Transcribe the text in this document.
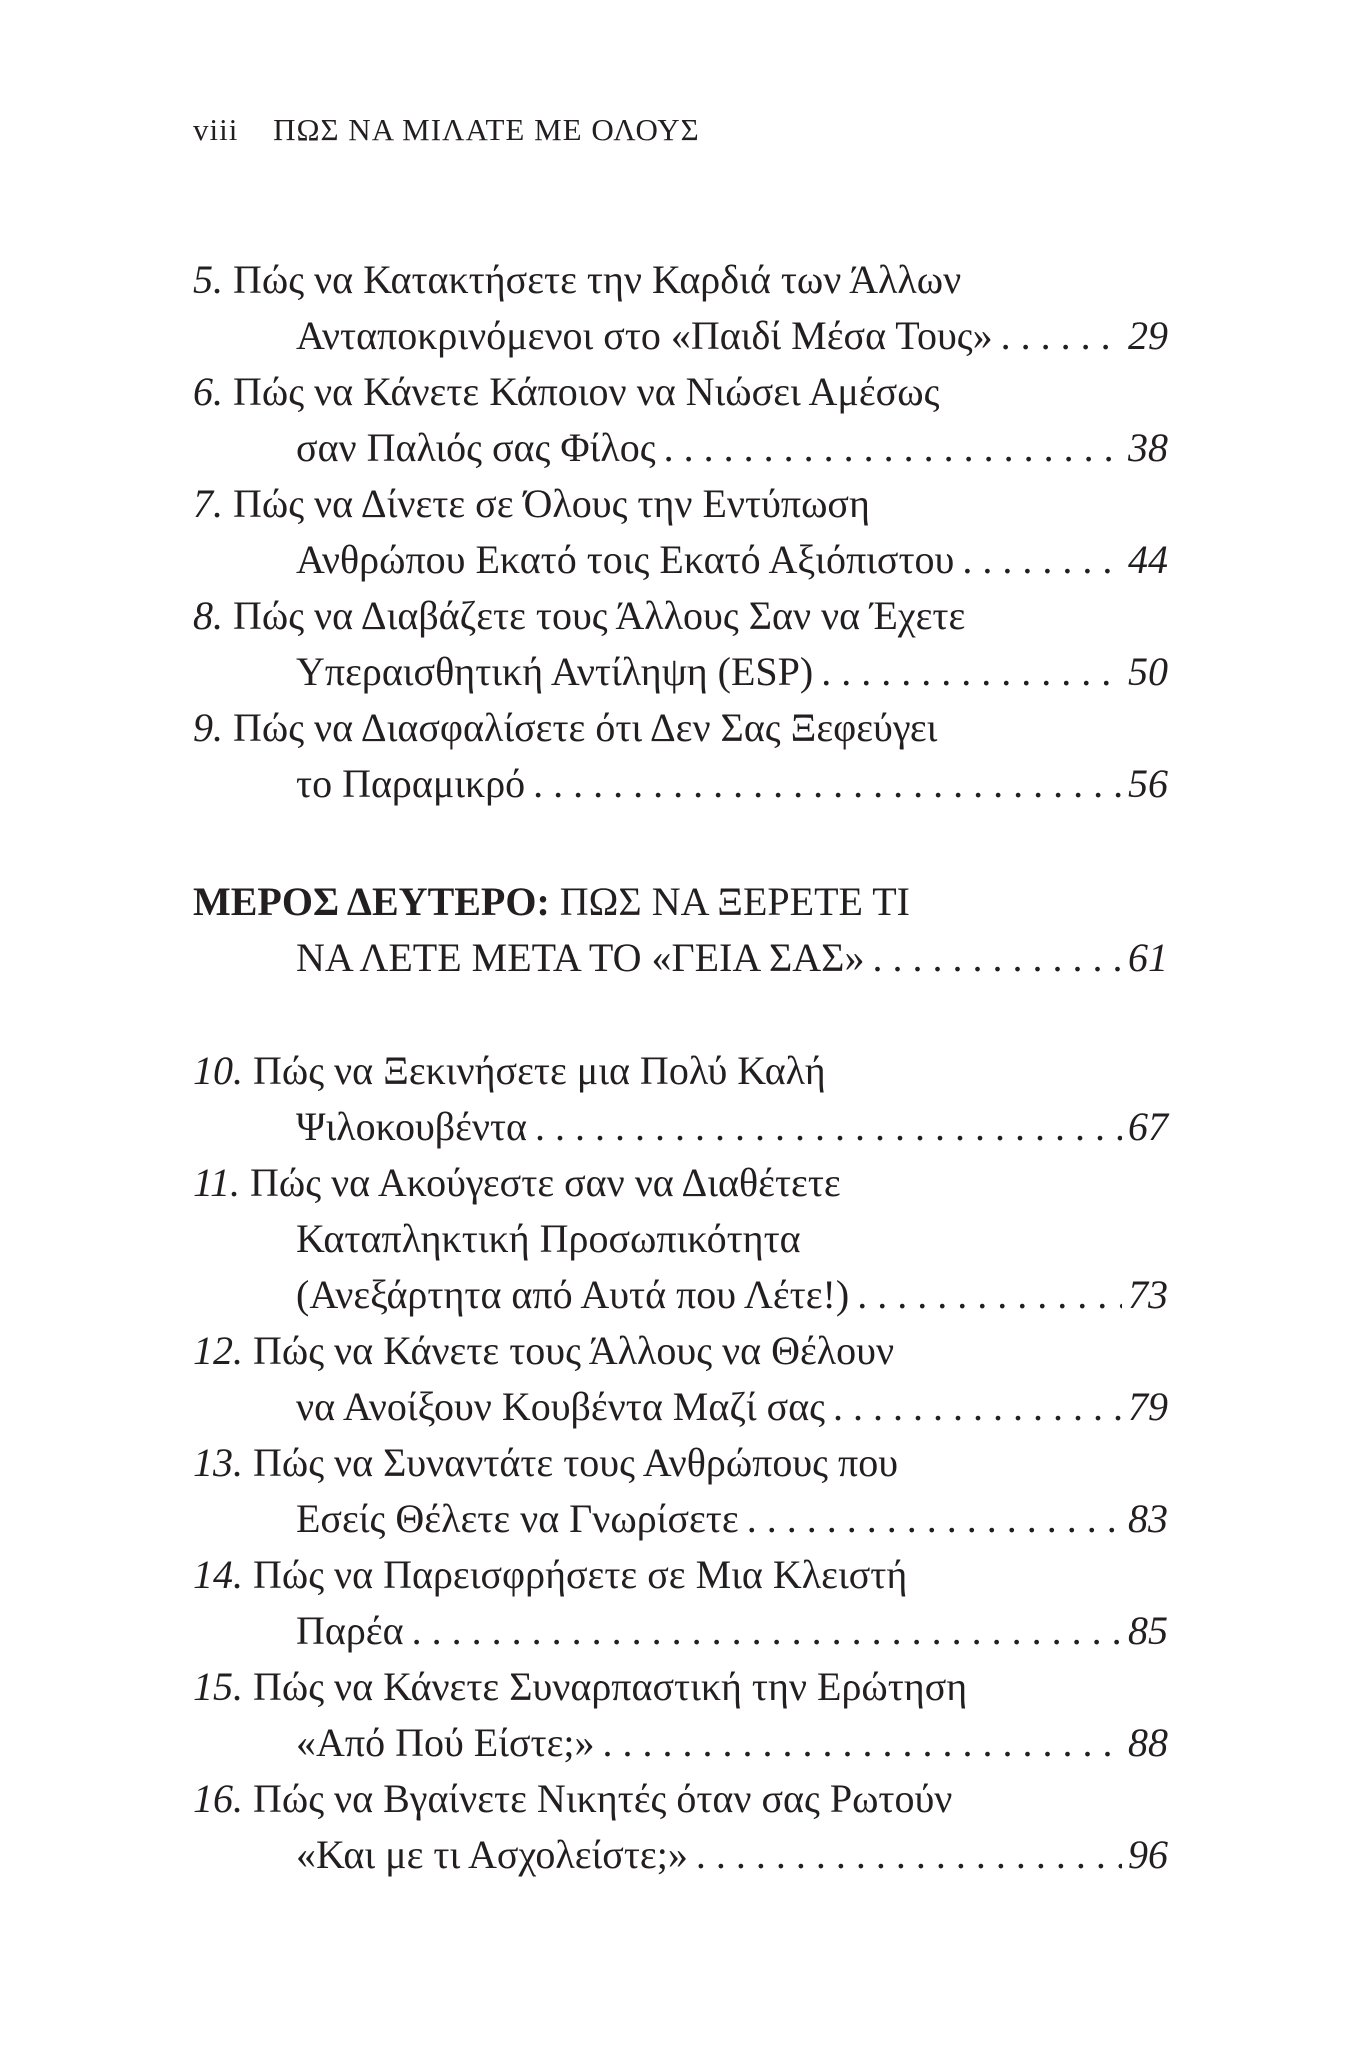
viii ΠΩΣ ΝΑ ΜΙΛΑΤΕ ΜΕ ΟΛΟΥΣ
5. Πώς να Κατακτήσετε την Καρδιά των Άλλων
Ανταποκρινόμενοι στο «Παιδί Μέσα Τους» . . .	29
6. Πώς να Κάνετε Κάποιον να Νιώσει Αμέσως
σαν Παλιός σας Φίλος . . .	38
7. Πώς να Δίνετε σε Όλους την Εντύπωση
Ανθρώπου Εκατό τοις Εκατό Αξιόπιστου . . .	44
8. Πώς να Διαβάζετε τους Άλλους Σαν να Έχετε
Υπεραισθητική Αντίληψη (ESP) . . .	50
9. Πώς να Διασφαλίσετε ότι Δεν Σας Ξεφεύγει
το Παραμικρό . . .	56
ΜΕΡΟΣ ΔΕΥΤΕΡΟ: ΠΩΣ ΝΑ ΞΕΡΕΤΕ ΤΙ
ΝΑ ΛΕΤΕ ΜΕΤΑ ΤΟ «ΓΕΙΑ ΣΑΣ» . . .	61
10. Πώς να Ξεκινήσετε μια Πολύ Καλή
Ψιλοκουβέντα . . .	67
11. Πώς να Ακούγεστε σαν να Διαθέτετε
Καταπληκτική Προσωπικότητα
(Ανεξάρτητα από Αυτά που Λέτε!) . . .	73
12. Πώς να Κάνετε τους Άλλους να Θέλουν
να Ανοίξουν Κουβέντα Μαζί σας . . .	79
13. Πώς να Συναντάτε τους Ανθρώπους που
Εσείς Θέλετε να Γνωρίσετε . . .	83
14. Πώς να Παρεισφρήσετε σε Μια Κλειστή
Παρέα . . .	85
15. Πώς να Κάνετε Συναρπαστική την Ερώτηση
«Από Πού Είστε;» . . .	88
16. Πώς να Βγαίνετε Νικητές όταν σας Ρωτούν
«Και με τι Ασχολείστε;» . . .	96
